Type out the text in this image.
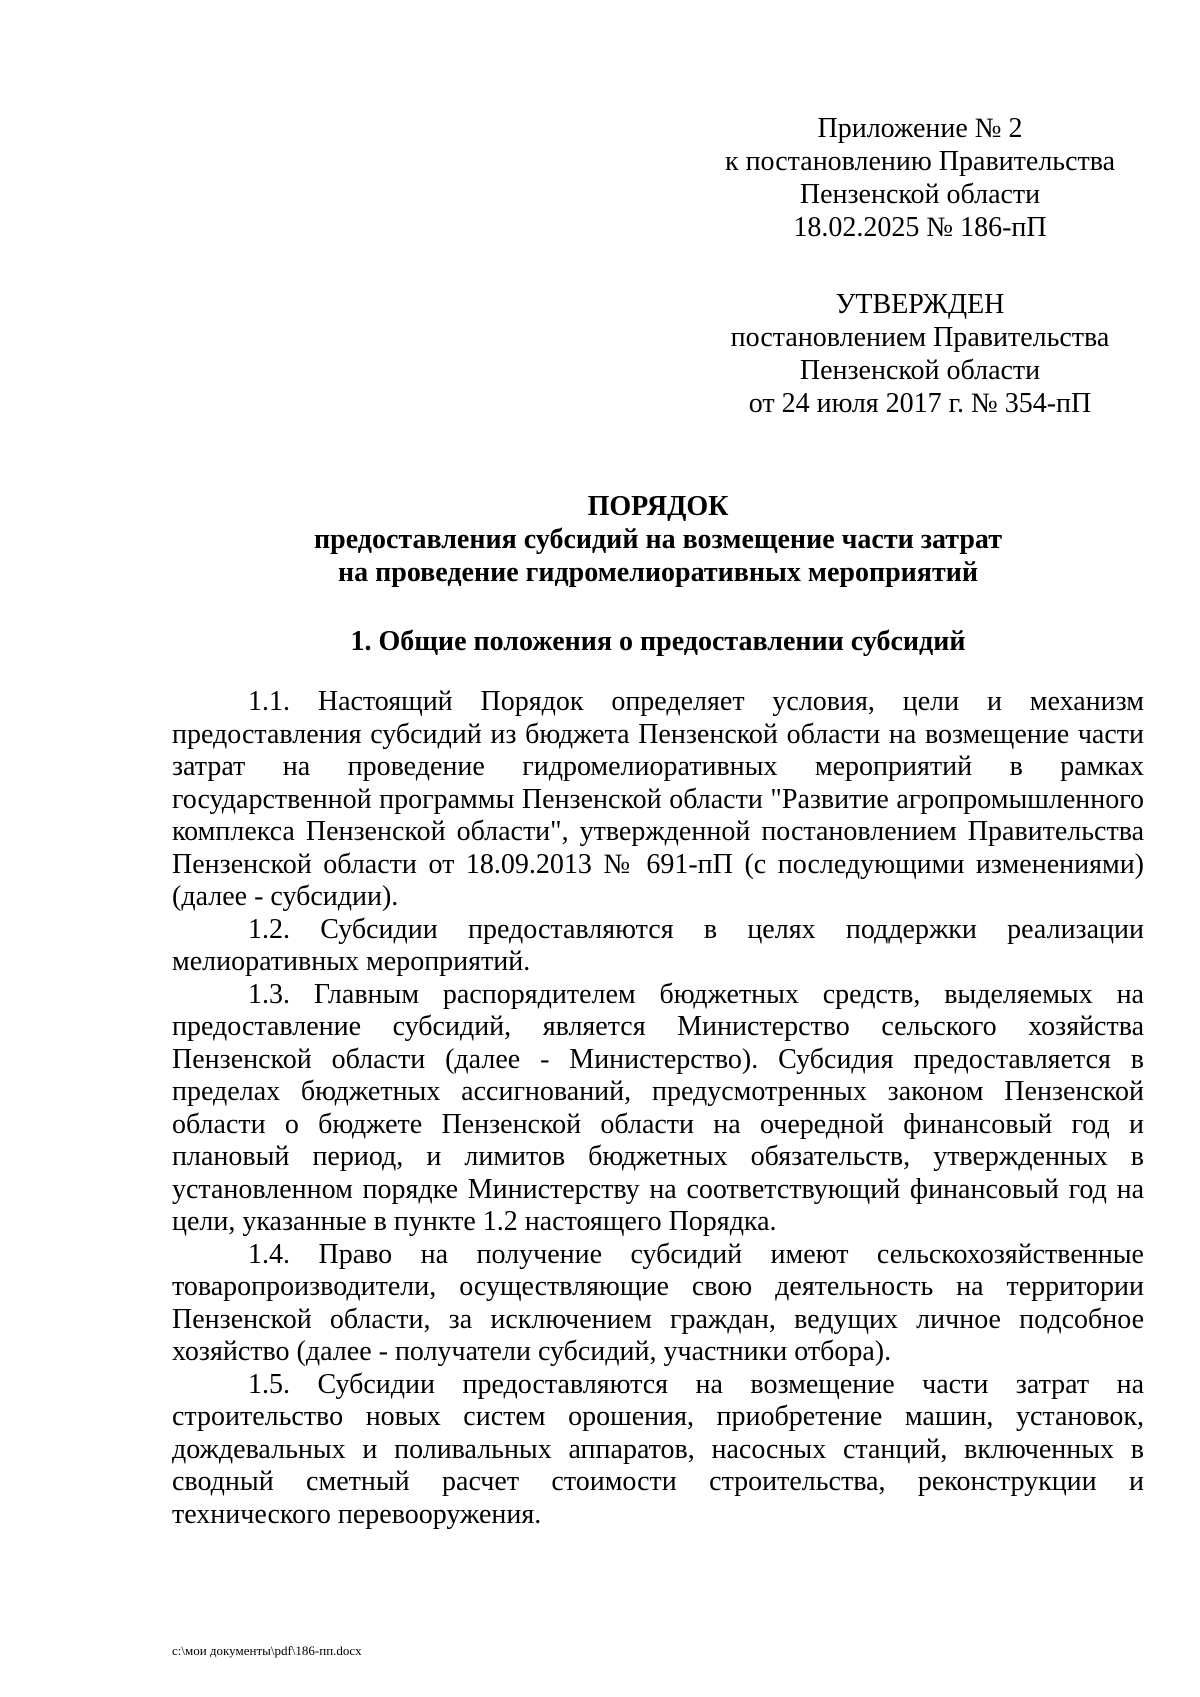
Приложение № 2
к постановлению Правительства
Пензенской области
18.02.2025 № 186-пП
УТВЕРЖДЕН
постановлением Правительства
Пензенской области
от 24 июля 2017 г. № 354-пП
ПОРЯДОК
предоставления субсидий на возмещение части затрат
на проведение гидромелиоративных мероприятий
1. Общие положения о предоставлении субсидий

1.1. Настоящий Порядок определяет условия, цели и механизм предоставления субсидий из бюджета Пензенской области на возмещение части затрат на проведение гидромелиоративных мероприятий в рамках государственной программы Пензенской области "Развитие агропромышленного комплекса Пензенской области", утвержденной постановлением Правительства Пензенской области от 18.09.2013 № 691-пП (с последующими изменениями) (далее - субсидии).

1.2. Субсидии предоставляются в целях поддержки реализации мелиоративных мероприятий.

1.3. Главным распорядителем бюджетных средств, выделяемых на предоставление субсидий, является Министерство сельского хозяйства Пензенской области (далее - Министерство). Субсидия предоставляется в пределах бюджетных ассигнований, предусмотренных законом Пензенской области о бюджете Пензенской области на очередной финансовый год и плановый период, и лимитов бюджетных обязательств, утвержденных в установленном порядке Министерству на соответствующий финансовый год на цели, указанные в пункте 1.2 настоящего Порядка.

1.4. Право на получение субсидий имеют сельскохозяйственные товаропроизводители, осуществляющие свою деятельность на территории Пензенской области, за исключением граждан, ведущих личное подсобное хозяйство (далее - получатели субсидий, участники отбора).

1.5. Субсидии предоставляются на возмещение части затрат на строительство новых систем орошения, приобретение машин, установок, дождевальных и поливальных аппаратов, насосных станций, включенных в сводный сметный расчет стоимости строительства, реконструкции и технического перевооружения.

c:\мои документы\pdf\186-пп.docx
